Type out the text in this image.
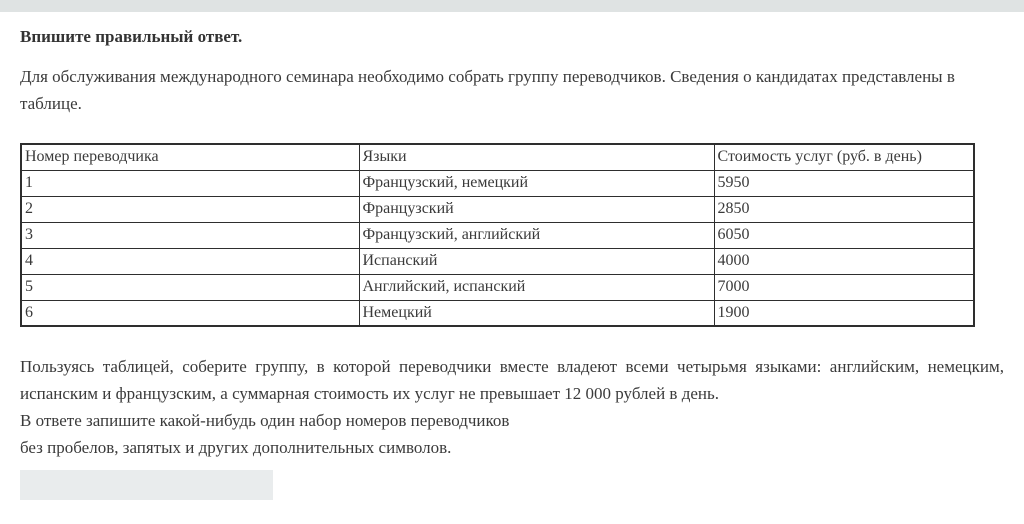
Впишите правильный ответ.

Для обслуживания международного семинара необходимо собрать группу переводчиков. Сведения о кандидатах представлены в таблице.

Номер переводчика	Языки	Стоимость услуг (руб. в день)
1	Французский, немецкий	5950
2	Французский	2850
3	Французский, английский	6050
4	Испанский	4000
5	Английский, испанский	7000
6	Немецкий	1900
Пользуясь таблицей, соберите группу, в которой переводчики вместе владеют всеми четырьмя языками: английским, немецким, испанским и французским, а суммарная стоимость их услуг не превышает 12 000 рублей в день.
В ответе запишите какой-нибудь один набор номеров переводчиков
без пробелов, запятых и других дополнительных символов.
